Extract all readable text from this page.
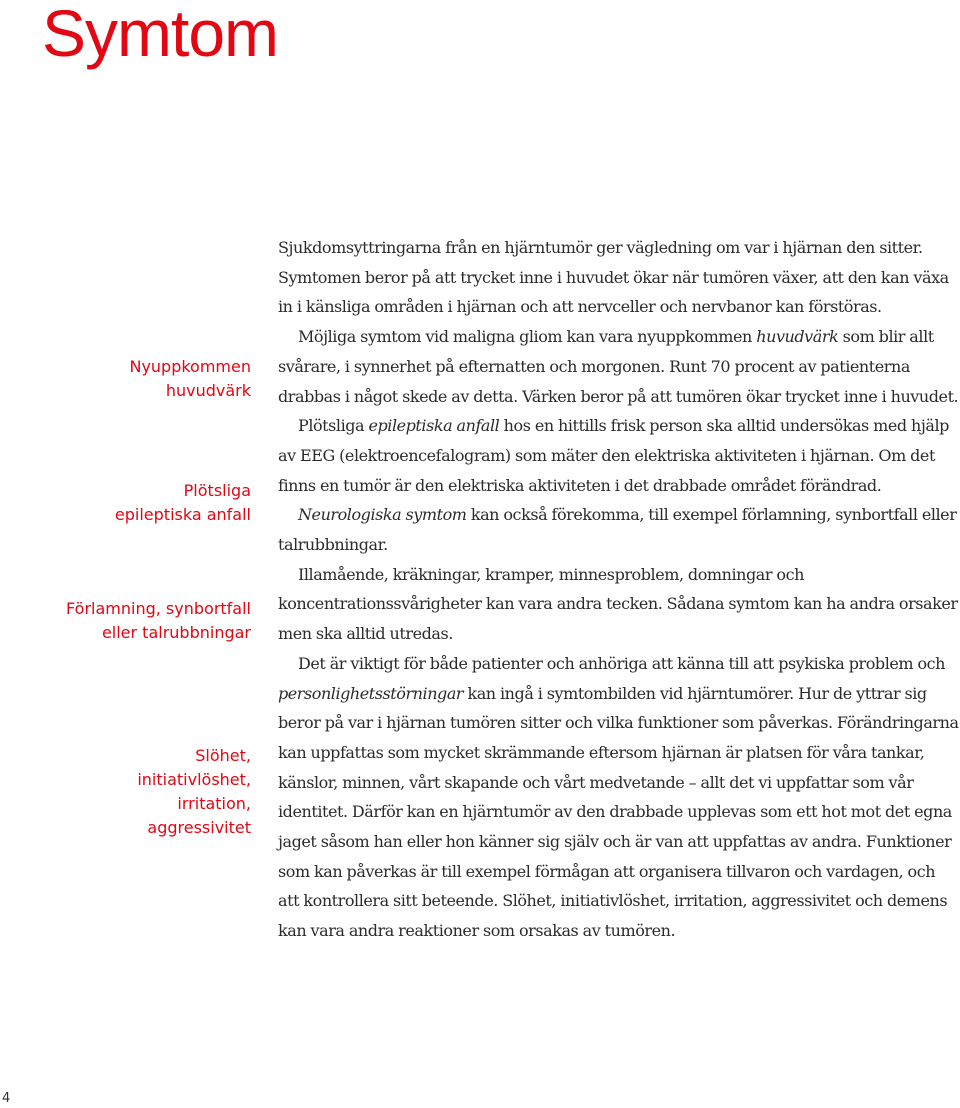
Symtom

Nyuppkommen

huvudvärk

Plötsliga

epileptiska anfall

Förlamning, synbortfall

eller talrubbningar

Slöhet,

initiativlöshet,

irritation,

aggressivitet

Sjukdomsyttringarna från en hjärntumör ger vägledning om var i hjärnan den sitter. Symtomen beror på att trycket inne i huvudet ökar när tumören växer, att den kan växa in i känsliga områden i hjärnan och att nervceller och nervbanor kan förstöras.

Möjliga symtom vid maligna gliom kan vara nyuppkommen huvudvärk som blir allt svårare, i synnerhet på efternatten och morgonen. Runt 70 procent av patienterna drabbas i något skede av detta. Värken beror på att tumören ökar trycket inne i huvudet.

Plötsliga epileptiska anfall hos en hittills frisk person ska alltid undersökas med hjälp av EEG (elektroencefalogram) som mäter den elektriska aktiviteten i hjärnan. Om det finns en tumör är den elektriska aktiviteten i det drabbade området förändrad.

Neurologiska symtom kan också förekomma, till exempel förlamning, synbortfall eller talrubbningar.

Illamående, kräkningar, kramper, minnesproblem, domningar och koncentrationssvårigheter kan vara andra tecken. Sådana symtom kan ha andra orsaker men ska alltid utredas.

Det är viktigt för både patienter och anhöriga att känna till att psykiska problem och personlighetsstörningar kan ingå i symtombilden vid hjärntumörer. Hur de yttrar sig beror på var i hjärnan tumören sitter och vilka funktioner som påverkas. Förändringarna kan uppfattas som mycket skrämmande eftersom hjärnan är platsen för våra tankar, känslor, minnen, vårt skapande och vårt medvetande – allt det vi uppfattar som vår identitet. Därför kan en hjärntumör av den drabbade upplevas som ett hot mot det egna jaget såsom han eller hon känner sig själv och är van att uppfattas av andra. Funktioner som kan påverkas är till exempel förmågan att organisera tillvaron och vardagen, och att kontrollera sitt beteende. Slöhet, initiativlöshet, irritation, aggressivitet och demens kan vara andra reaktioner som orsakas av tumören.

4
